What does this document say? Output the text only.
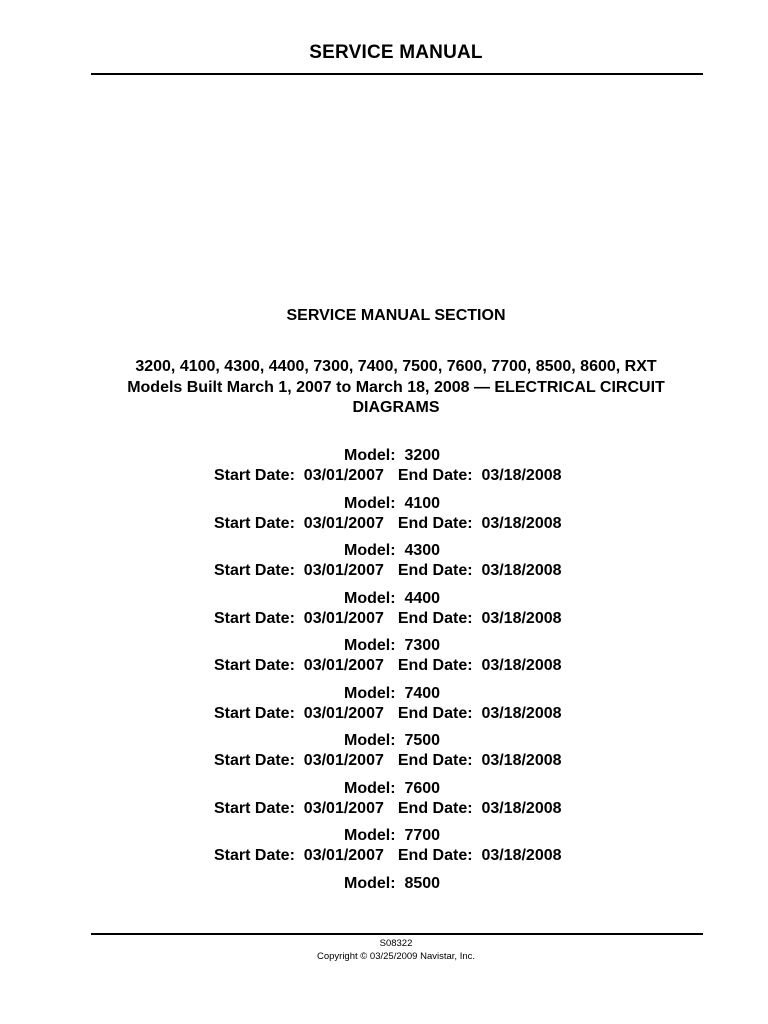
SERVICE MANUAL
SERVICE MANUAL SECTION
3200, 4100, 4300, 4400, 7300, 7400, 7500, 7600, 7700, 8500, 8600, RXT
Models Built March 1, 2007 to March 18, 2008 — ELECTRICAL CIRCUIT
DIAGRAMS
Model: 3200
Start Date: 03/01/2007 End Date: 03/18/2008
Model: 4100
Start Date: 03/01/2007 End Date: 03/18/2008
Model: 4300
Start Date: 03/01/2007 End Date: 03/18/2008
Model: 4400
Start Date: 03/01/2007 End Date: 03/18/2008
Model: 7300
Start Date: 03/01/2007 End Date: 03/18/2008
Model: 7400
Start Date: 03/01/2007 End Date: 03/18/2008
Model: 7500
Start Date: 03/01/2007 End Date: 03/18/2008
Model: 7600
Start Date: 03/01/2007 End Date: 03/18/2008
Model: 7700
Start Date: 03/01/2007 End Date: 03/18/2008
Model: 8500
S08322
Copyright © 03/25/2009 Navistar, Inc.
